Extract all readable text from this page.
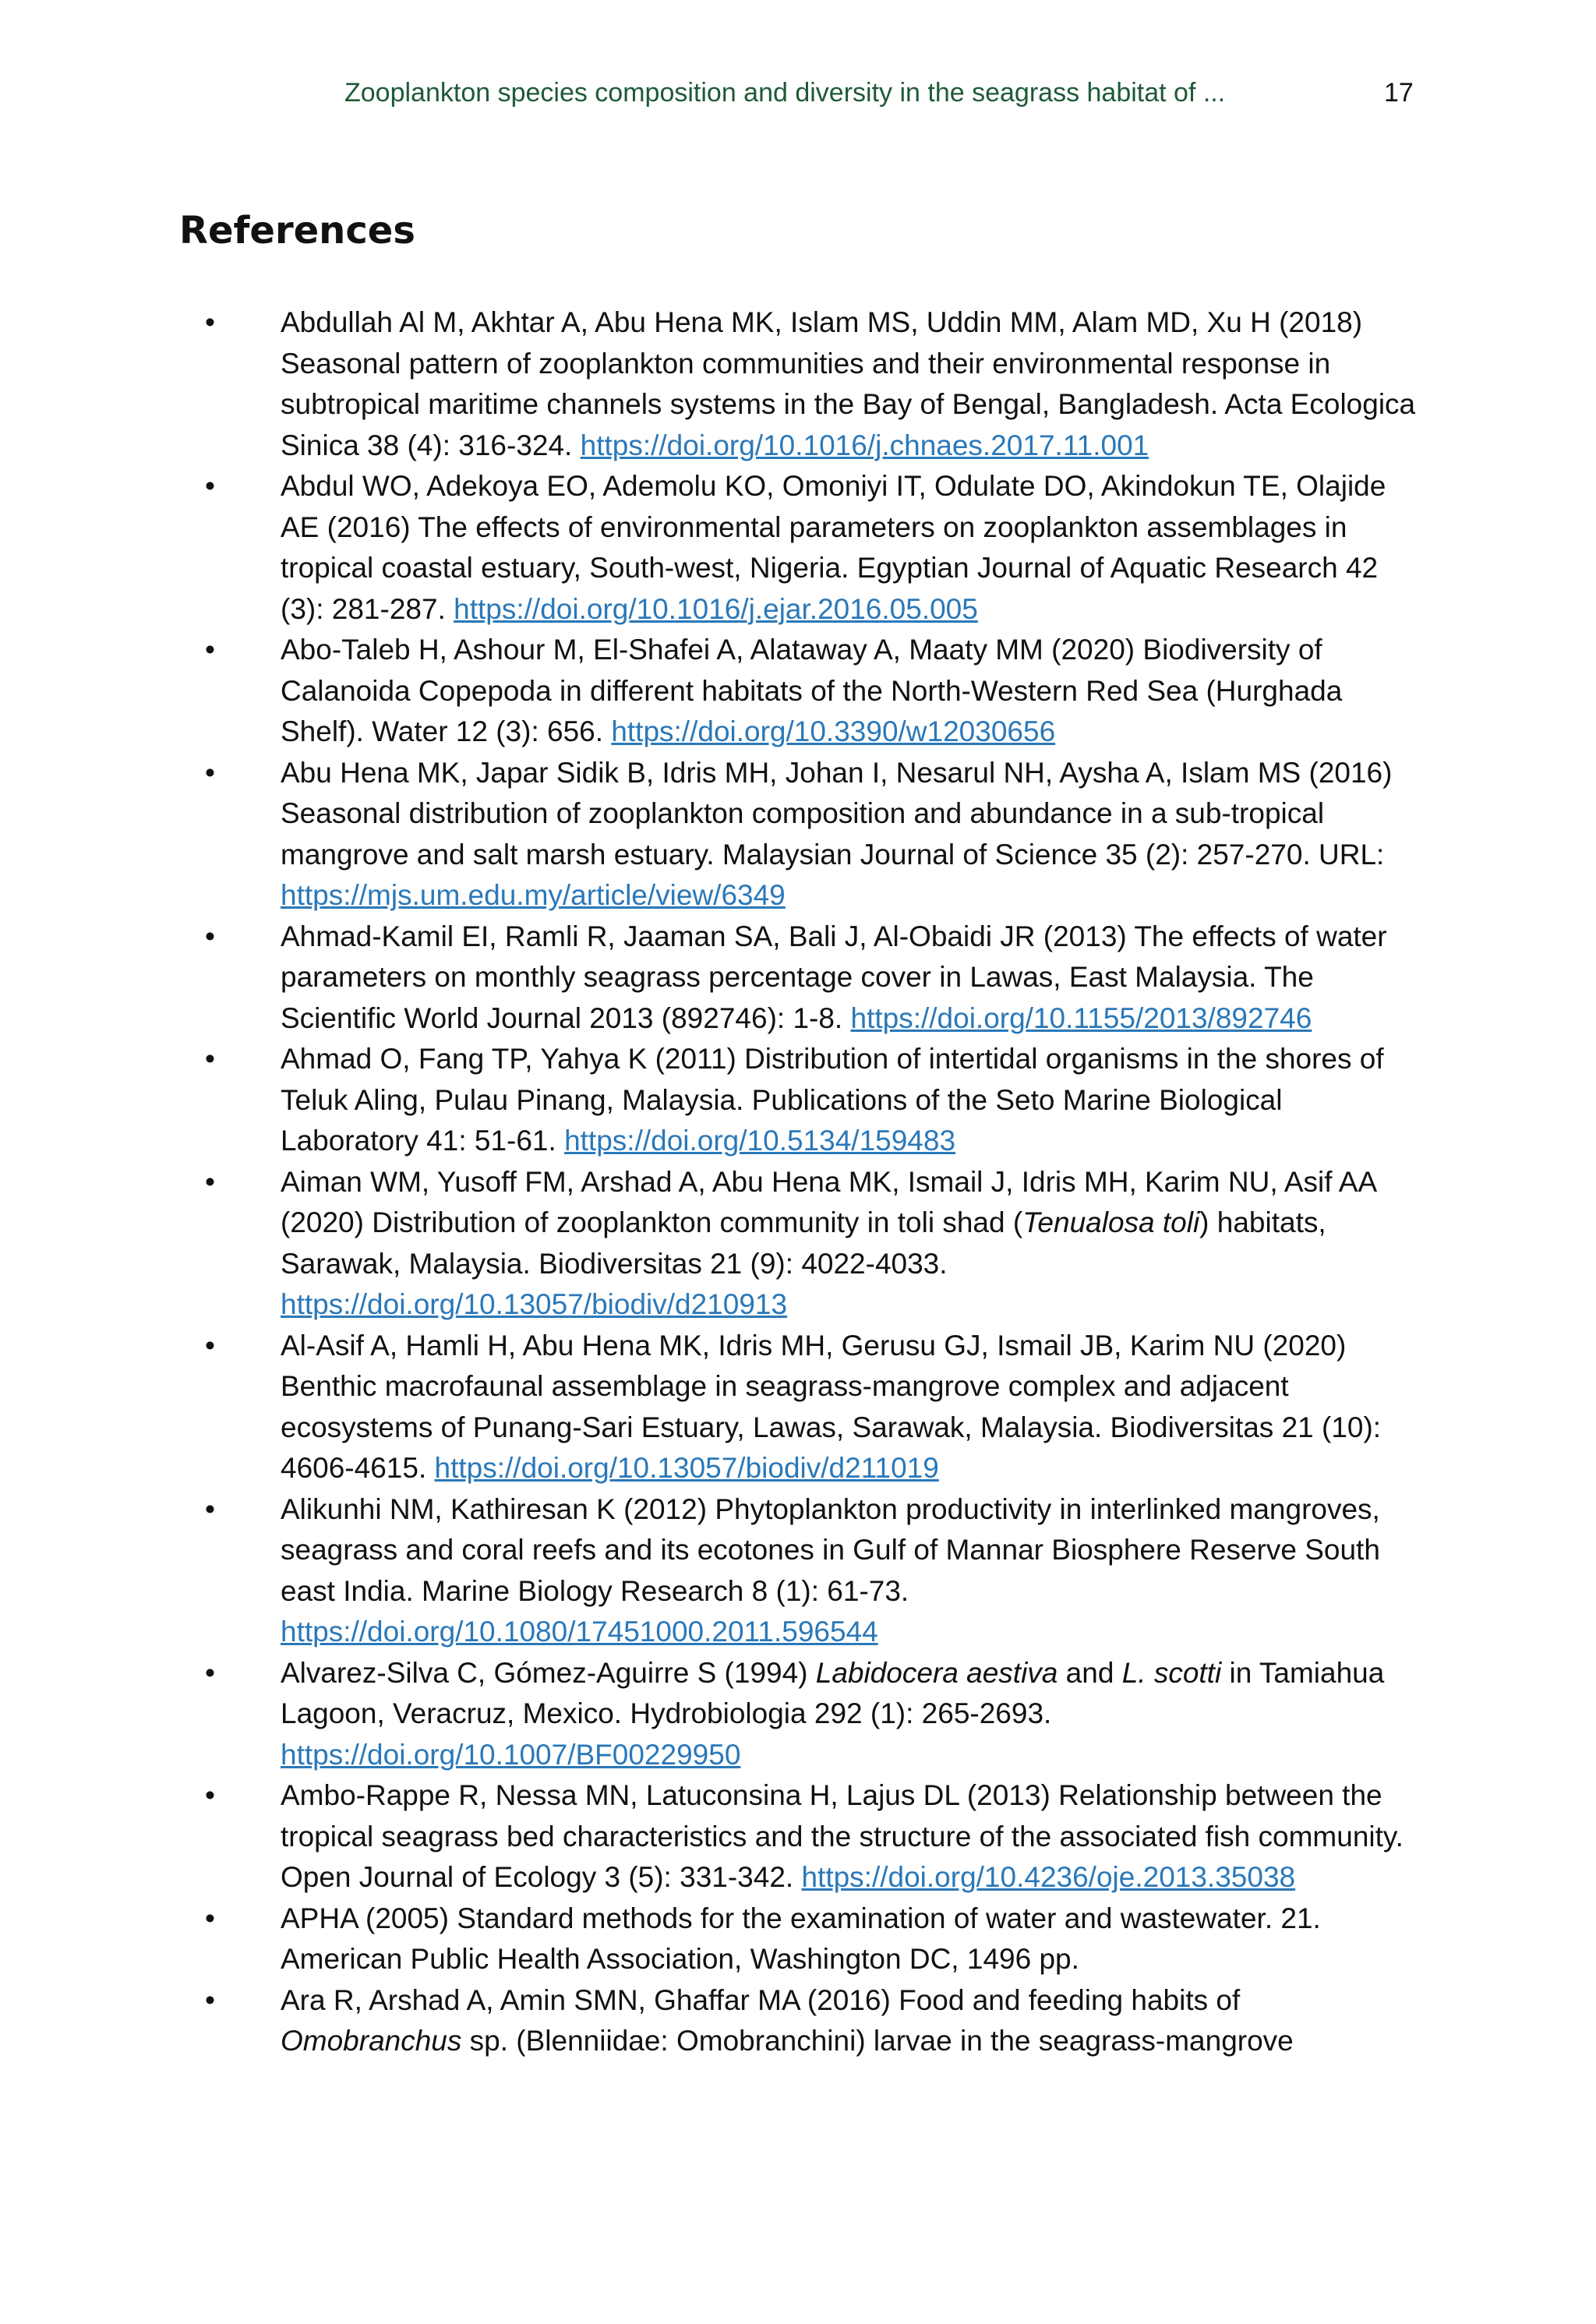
Zooplankton species composition and diversity in the seagrass habitat of ...	17
References
• Abdullah Al M, Akhtar A, Abu Hena MK, Islam MS, Uddin MM, Alam MD, Xu H (2018) Seasonal pattern of zooplankton communities and their environmental response in subtropical maritime channels systems in the Bay of Bengal, Bangladesh. Acta Ecologica Sinica 38 (4): 316-324. https://doi.org/10.1016/j.chnaes.2017.11.001
• Abdul WO, Adekoya EO, Ademolu KO, Omoniyi IT, Odulate DO, Akindokun TE, Olajide AE (2016) The effects of environmental parameters on zooplankton assemblages in tropical coastal estuary, South-west, Nigeria. Egyptian Journal of Aquatic Research 42 (3): 281-287. https://doi.org/10.1016/j.ejar.2016.05.005
• Abo-Taleb H, Ashour M, El-Shafei A, Alataway A, Maaty MM (2020) Biodiversity of Calanoida Copepoda in different habitats of the North-Western Red Sea (Hurghada Shelf). Water 12 (3): 656. https://doi.org/10.3390/w12030656
• Abu Hena MK, Japar Sidik B, Idris MH, Johan I, Nesarul NH, Aysha A, Islam MS (2016) Seasonal distribution of zooplankton composition and abundance in a sub-tropical mangrove and salt marsh estuary. Malaysian Journal of Science 35 (2): 257-270. URL: https://mjs.um.edu.my/article/view/6349
• Ahmad-Kamil EI, Ramli R, Jaaman SA, Bali J, Al-Obaidi JR (2013) The effects of water parameters on monthly seagrass percentage cover in Lawas, East Malaysia. The Scientific World Journal 2013 (892746): 1-8. https://doi.org/10.1155/2013/892746
• Ahmad O, Fang TP, Yahya K (2011) Distribution of intertidal organisms in the shores of Teluk Aling, Pulau Pinang, Malaysia. Publications of the Seto Marine Biological Laboratory 41: 51-61. https://doi.org/10.5134/159483
• Aiman WM, Yusoff FM, Arshad A, Abu Hena MK, Ismail J, Idris MH, Karim NU, Asif AA (2020) Distribution of zooplankton community in toli shad (Tenualosa toli) habitats, Sarawak, Malaysia. Biodiversitas 21 (9): 4022-4033. https://doi.org/10.13057/biodiv/d210913
• Al-Asif A, Hamli H, Abu Hena MK, Idris MH, Gerusu GJ, Ismail JB, Karim NU (2020) Benthic macrofaunal assemblage in seagrass-mangrove complex and adjacent ecosystems of Punang-Sari Estuary, Lawas, Sarawak, Malaysia. Biodiversitas 21 (10): 4606-4615. https://doi.org/10.13057/biodiv/d211019
• Alikunhi NM, Kathiresan K (2012) Phytoplankton productivity in interlinked mangroves, seagrass and coral reefs and its ecotones in Gulf of Mannar Biosphere Reserve South east India. Marine Biology Research 8 (1): 61-73. https://doi.org/10.1080/17451000.2011.596544
• Alvarez-Silva C, Gómez-Aguirre S (1994) Labidocera aestiva and L. scotti in Tamiahua Lagoon, Veracruz, Mexico. Hydrobiologia 292 (1): 265-2693. https://doi.org/10.1007/BF00229950
• Ambo-Rappe R, Nessa MN, Latuconsina H, Lajus DL (2013) Relationship between the tropical seagrass bed characteristics and the structure of the associated fish community. Open Journal of Ecology 3 (5): 331-342. https://doi.org/10.4236/oje.2013.35038
• APHA (2005) Standard methods for the examination of water and wastewater. 21. American Public Health Association, Washington DC, 1496 pp.
• Ara R, Arshad A, Amin SMN, Ghaffar MA (2016) Food and feeding habits of Omobranchus sp. (Blenniidae: Omobranchini) larvae in the seagrass-mangrove
